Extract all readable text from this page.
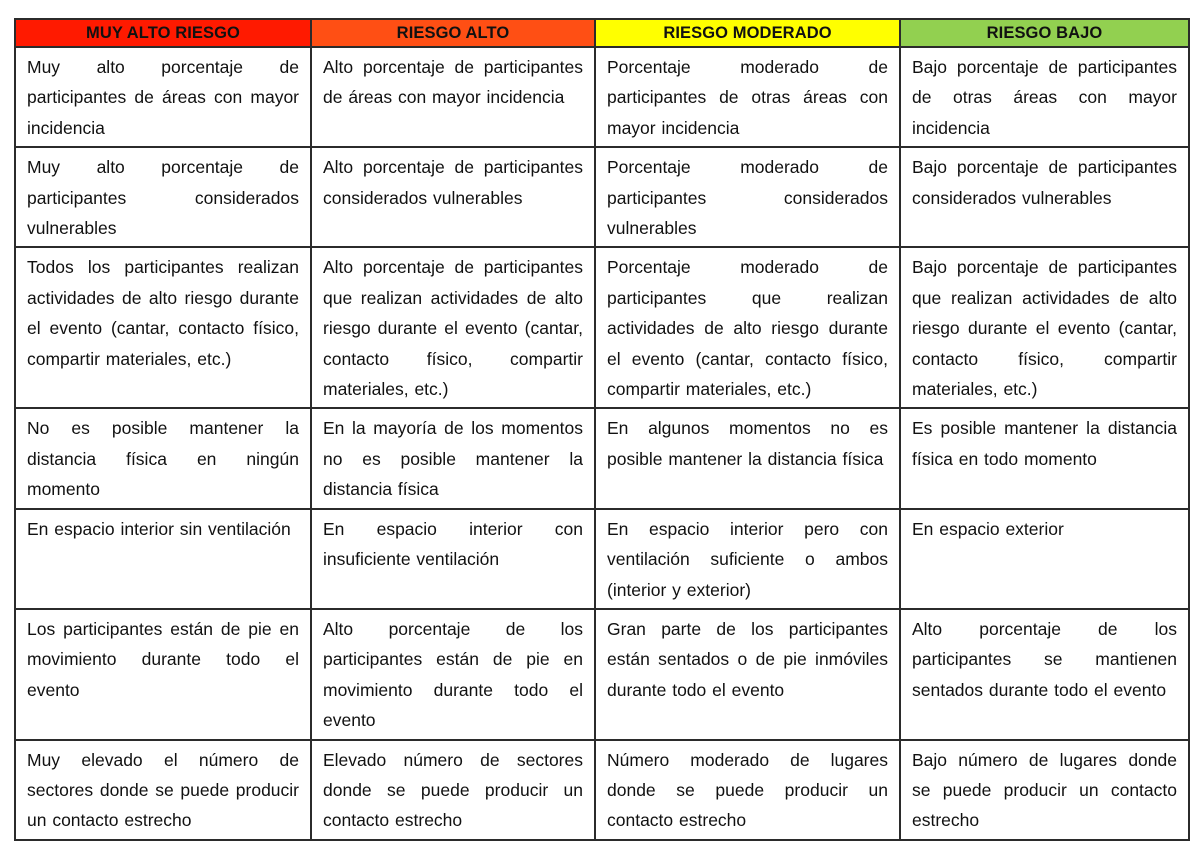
MUY ALTO RIESGO	RIESGO ALTO	RIESGO MODERADO	RIESGO BAJO
Muy alto porcentaje de participantes de áreas con mayor incidencia	Alto porcentaje de participantes de áreas con mayor incidencia	Porcentaje moderado de participantes de otras áreas con mayor incidencia	Bajo porcentaje de participantes de otras áreas con mayor incidencia
Muy alto porcentaje de participantes considerados vulnerables	Alto porcentaje de participantes considerados vulnerables	Porcentaje moderado de participantes considerados vulnerables	Bajo porcentaje de participantes considerados vulnerables
Todos los participantes realizan actividades de alto riesgo durante el evento (cantar, contacto físico, compartir materiales, etc.)	Alto porcentaje de participantes que realizan actividades de alto riesgo durante el evento (cantar, contacto físico, compartir materiales, etc.)	Porcentaje moderado de participantes que realizan actividades de alto riesgo durante el evento (cantar, contacto físico, compartir materiales, etc.)	Bajo porcentaje de participantes que realizan actividades de alto riesgo durante el evento (cantar, contacto físico, compartir materiales, etc.)
No es posible mantener la distancia física en ningún momento	En la mayoría de los momentos no es posible mantener la distancia física	En algunos momentos no es posible mantener la distancia física	Es posible mantener la distancia física en todo momento
En espacio interior sin ventilación	En espacio interior con insuficiente ventilación	En espacio interior pero con ventilación suficiente o ambos (interior y exterior)	En espacio exterior
Los participantes están de pie en movimiento durante todo el evento	Alto porcentaje de los participantes están de pie en movimiento durante todo el evento	Gran parte de los participantes están sentados o de pie inmóviles durante todo el evento	Alto porcentaje de los participantes se mantienen sentados durante todo el evento
Muy elevado el número de sectores donde se puede producir un contacto estrecho	Elevado número de sectores donde se puede producir un contacto estrecho	Número moderado de lugares donde se puede producir un contacto estrecho	Bajo número de lugares donde se puede producir un contacto estrecho
